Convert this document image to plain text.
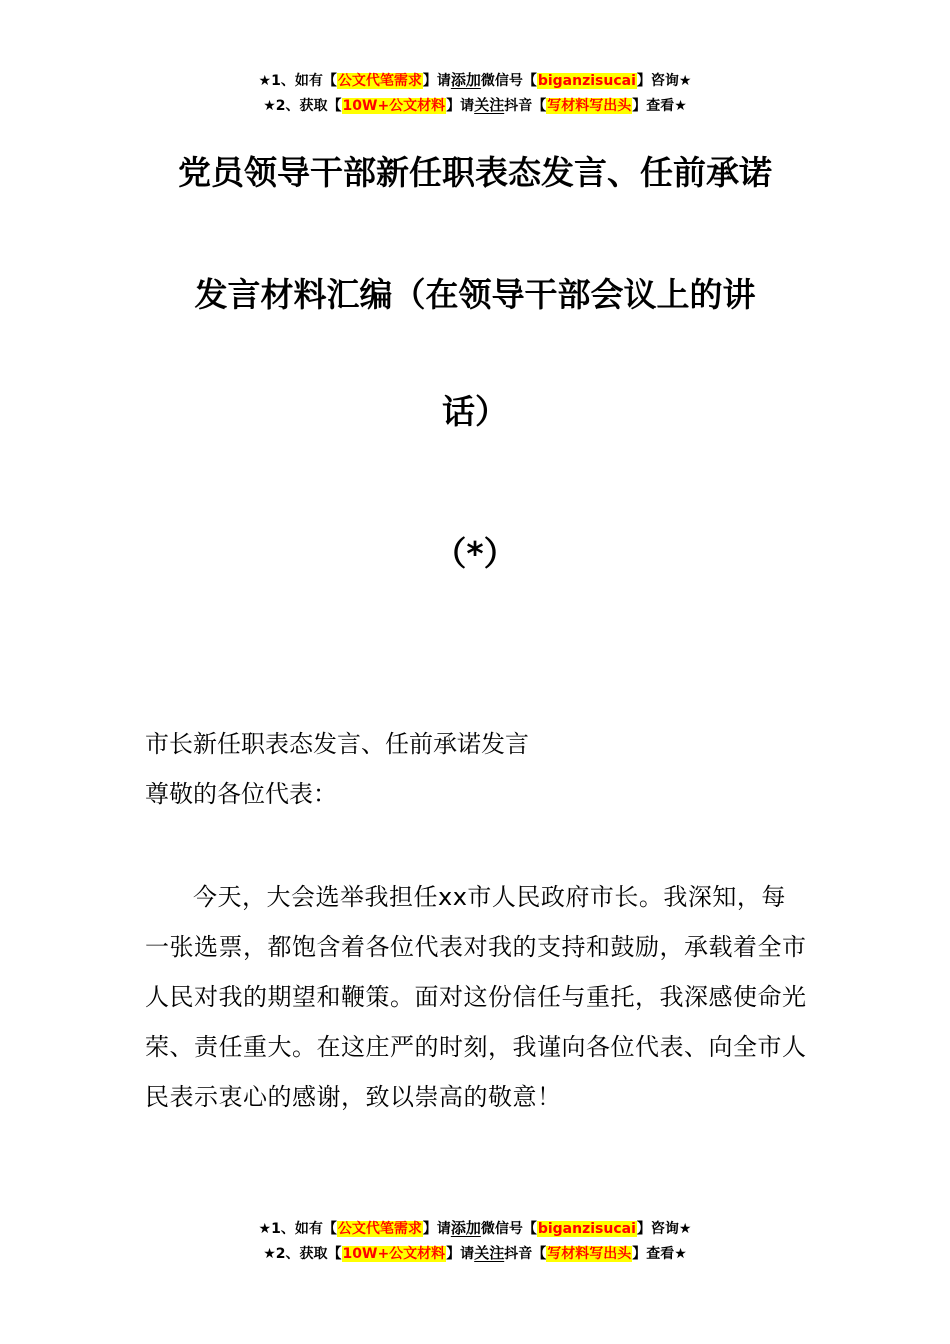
★1、如有【公文代笔需求】请添加微信号【biganzisucai】咨询★
★2、获取【10W+公文材料】请关注抖音【写材料写出头】查看★
党员领导干部新任职表态发言、任前承诺
发言材料汇编（在领导干部会议上的讲
话）
（*）
市长新任职表态发言、任前承诺发言
尊敬的各位代表：
今天，大会选举我担任xx市人民政府市长。我深知，每一张选票，都饱含着各位代表对我的支持和鼓励，承载着全市人民对我的期望和鞭策。面对这份信任与重托，我深感使命光荣、责任重大。在这庄严的时刻，我谨向各位代表、向全市人民表示衷心的感谢，致以崇高的敬意！
★1、如有【公文代笔需求】请添加微信号【biganzisucai】咨询★
★2、获取【10W+公文材料】请关注抖音【写材料写出头】查看★
